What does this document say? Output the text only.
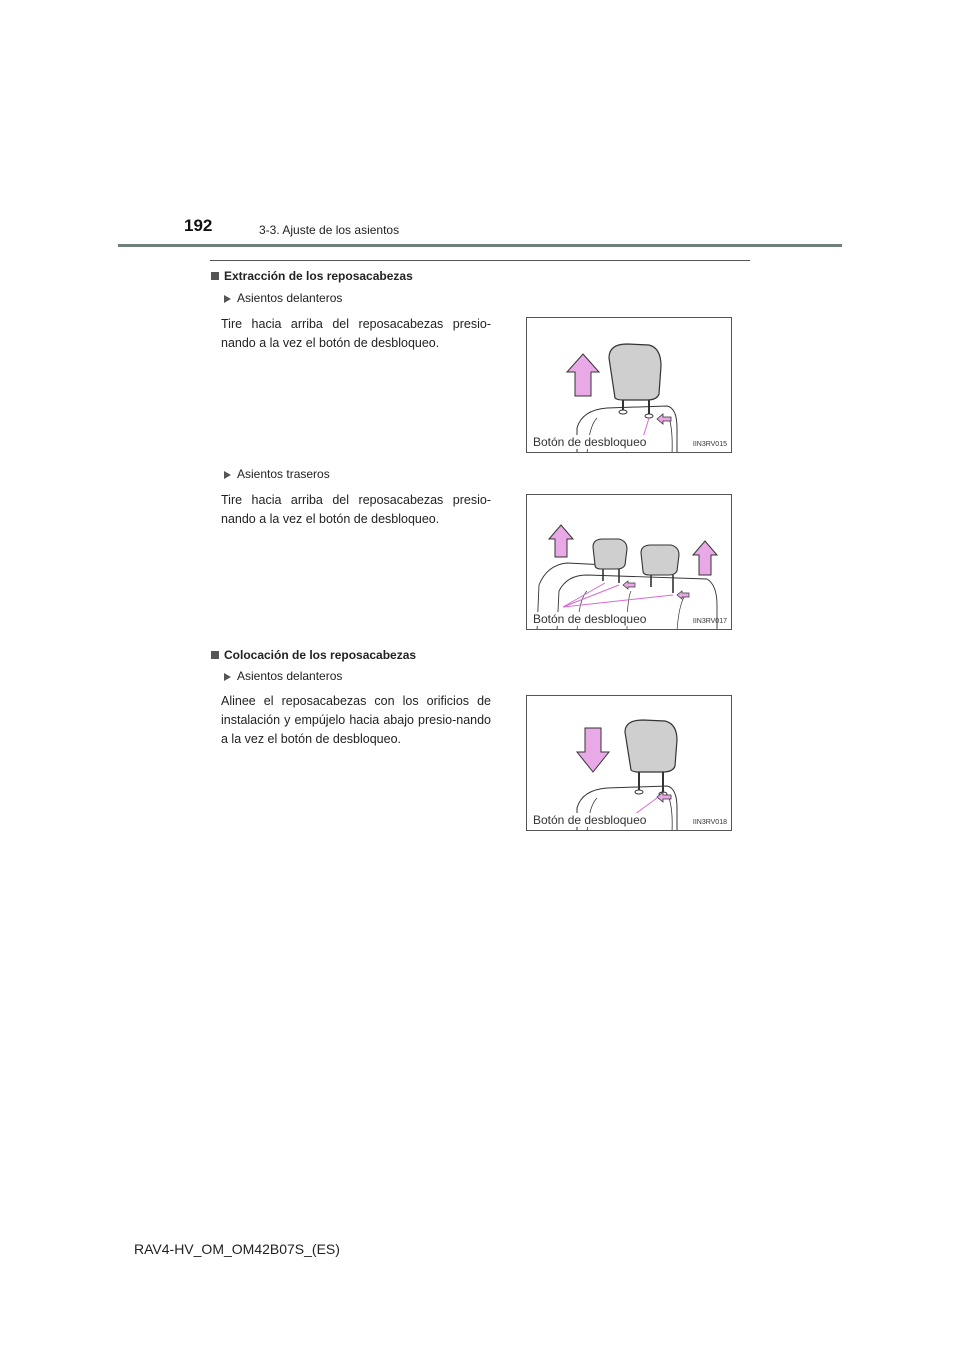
192	3-3. Ajuste de los asientos
Extracción de los reposacabezas
Asientos delanteros
Tire hacia arriba del reposacabezas presio-nando a la vez el botón de desbloqueo.
Botón de desbloqueo	IIN3RV015
Asientos traseros
Tire hacia arriba del reposacabezas presio-nando a la vez el botón de desbloqueo.
Botón de desbloqueo	IIN3RV017
Colocación de los reposacabezas
Asientos delanteros
Alinee el reposacabezas con los orificios de instalación y empújelo hacia abajo presio-nando a la vez el botón de desbloqueo.
Botón de desbloqueo	IIN3RV018
RAV4-HV_OM_OM42B07S_(ES)
